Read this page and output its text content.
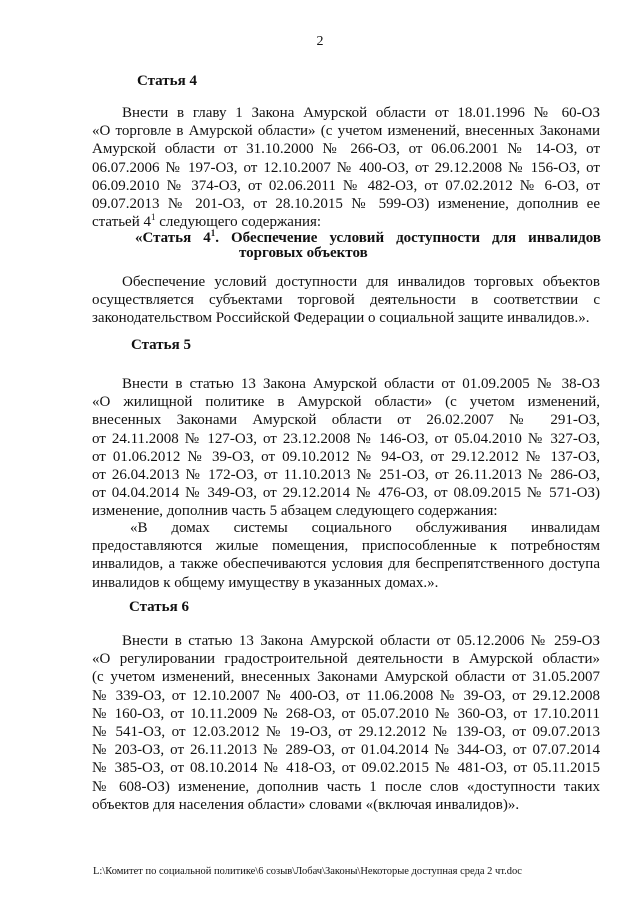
2
Статья 4
Внести в главу 1 Закона Амурской области от 18.01.1996 № 60-ОЗ
«О торговле в Амурской области» (с учетом изменений, внесенных Законами
Амурской области от 31.10.2000 № 266-ОЗ, от 06.06.2001 № 14-ОЗ, от
06.07.2006 № 197-ОЗ, от 12.10.2007 № 400-ОЗ, от 29.12.2008 № 156-ОЗ, от
06.09.2010 № 374-ОЗ, от 02.06.2011 № 482-ОЗ, от 07.02.2012 № 6-ОЗ, от
09.07.2013 № 201-ОЗ, от 28.10.2015 № 599-ОЗ) изменение, дополнив ее
статьей $4^1$ следующего содержания:
«Статья $4^1$. Обеспечение условий доступности для инвалидов
торговых объектов
Обеспечение условий доступности для инвалидов торговых объектов
осуществляется субъектами торговой деятельности в соответствии с
законодательством Российской Федерации о социальной защите инвалидов.».
Статья 5
Внести в статью 13 Закона Амурской области от 01.09.2005 № 38-ОЗ
«О жилищной политике в Амурской области» (с учетом изменений,
внесенных Законами Амурской области от 26.02.2007 № 291-ОЗ,
от 24.11.2008 № 127-ОЗ, от 23.12.2008 № 146-ОЗ, от 05.04.2010 № 327-ОЗ,
от 01.06.2012 № 39-ОЗ, от 09.10.2012 № 94-ОЗ, от 29.12.2012 № 137-ОЗ,
от 26.04.2013 № 172-ОЗ, от 11.10.2013 № 251-ОЗ, от 26.11.2013 № 286-ОЗ,
от 04.04.2014 № 349-ОЗ, от 29.12.2014 № 476-ОЗ, от 08.09.2015 № 571-ОЗ)
изменение, дополнив часть 5 абзацем следующего содержания:
«В домах системы социального обслуживания инвалидам
предоставляются жилые помещения, приспособленные к потребностям
инвалидов, а также обеспечиваются условия для беспрепятственного доступа
инвалидов к общему имуществу в указанных домах.».
Статья 6
Внести в статью 13 Закона Амурской области от 05.12.2006 № 259-ОЗ
«О регулировании градостроительной деятельности в Амурской области»
(с учетом изменений, внесенных Законами Амурской области от 31.05.2007
№ 339-ОЗ, от 12.10.2007 № 400-ОЗ, от 11.06.2008 № 39-ОЗ, от 29.12.2008
№ 160-ОЗ, от 10.11.2009 № 268-ОЗ, от 05.07.2010 № 360-ОЗ, от 17.10.2011
№ 541-ОЗ, от 12.03.2012 № 19-ОЗ, от 29.12.2012 № 139-ОЗ, от 09.07.2013
№ 203-ОЗ, от 26.11.2013 № 289-ОЗ, от 01.04.2014 № 344-ОЗ, от 07.07.2014
№ 385-ОЗ, от 08.10.2014 № 418-ОЗ, от 09.02.2015 № 481-ОЗ, от 05.11.2015
№ 608-ОЗ) изменение, дополнив часть 1 после слов «доступности таких
объектов для населения области» словами «(включая инвалидов)».
L:\Комитет по социальной политике\6 созыв\Лобач\Законы\Некоторые доступная среда 2 чт.doc
